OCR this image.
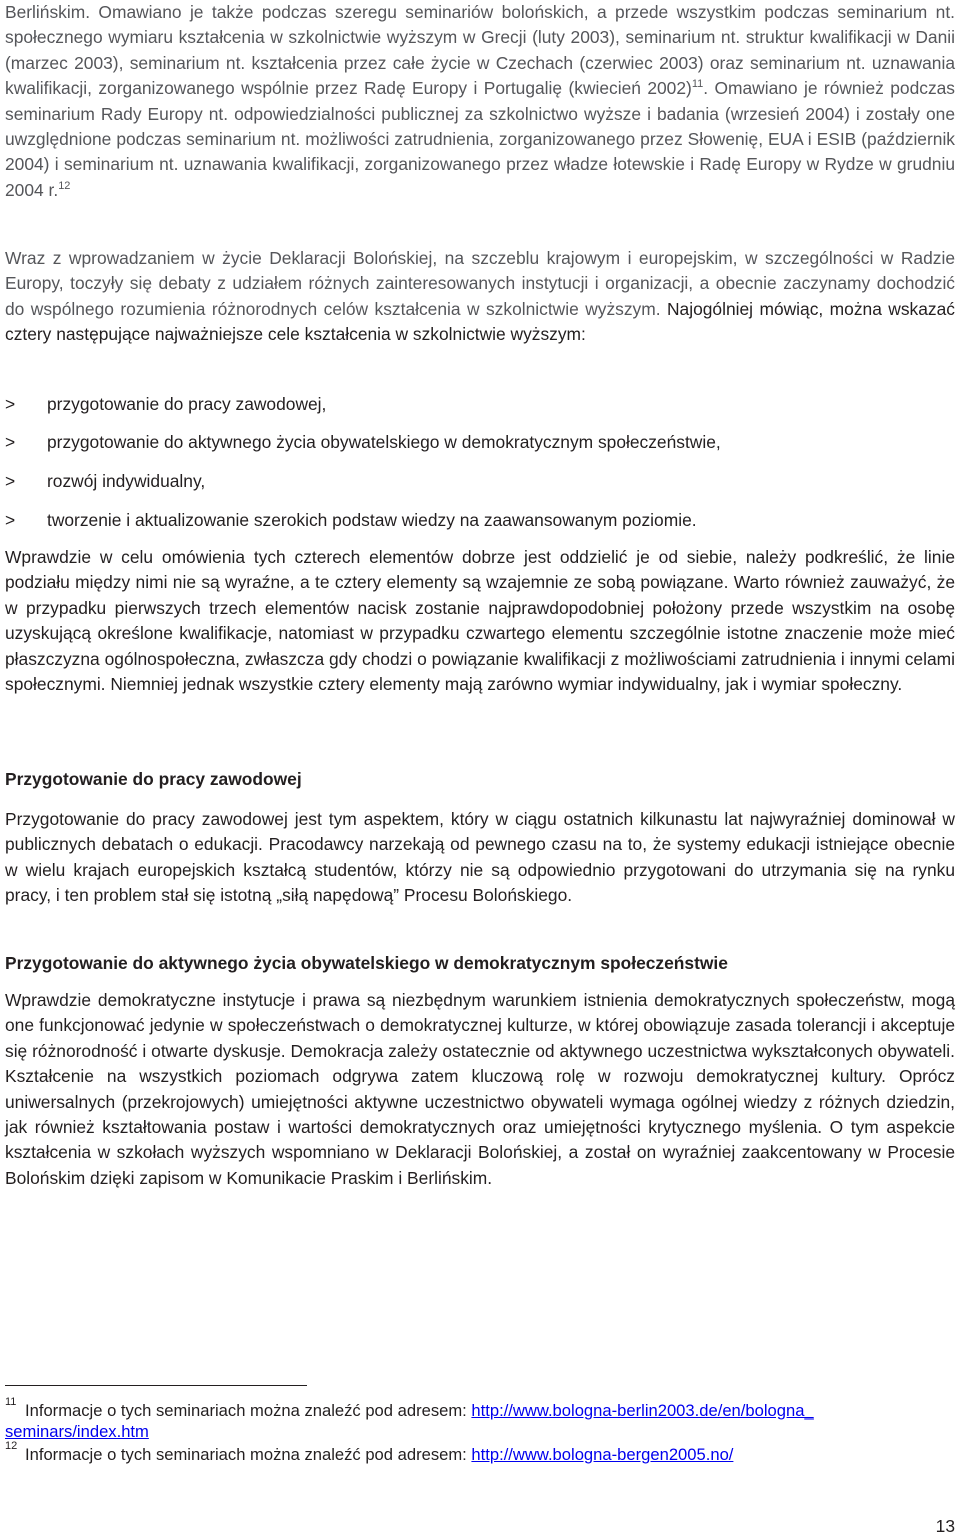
Berlińskim. Omawiano je także podczas szeregu seminariów bolońskich, a przede wszystkim podczas seminarium nt. społecznego wymiaru kształcenia w szkolnictwie wyższym w Grecji (luty 2003), seminarium nt. struktur kwalifikacji w Danii (marzec 2003), seminarium nt. kształcenia przez całe życie w Czechach (czerwiec 2003) oraz seminarium nt. uznawania kwalifikacji, zorganizowanego wspólnie przez Radę Europy i Portugalię (kwiecień 2002)$^{11}$. Omawiano je również podczas seminarium Rady Europy nt. odpowiedzialności publicznej za szkolnictwo wyższe i badania (wrzesień 2004) i zostały one uwzględnione podczas seminarium nt. możliwości zatrudnienia, zorganizowanego przez Słowenię, EUA i ESIB (październik 2004) i seminarium nt. uznawania kwalifikacji, zorganizowanego przez władze łotewskie i Radę Europy w Rydze w grudniu 2004 r.$^{12}$
Wraz z wprowadzaniem w życie Deklaracji Bolońskiej, na szczeblu krajowym i europejskim, w szczególności w Radzie Europy, toczyły się debaty z udziałem różnych zainteresowanych instytucji i organizacji, a obecnie zaczynamy dochodzić do wspólnego rozumienia różnorodnych celów kształcenia w szkolnictwie wyższym. Najogólniej mówiąc, można wskazać cztery następujące najważniejsze cele kształcenia w szkolnictwie wyższym:
> przygotowanie do pracy zawodowej,
> przygotowanie do aktywnego życia obywatelskiego w demokratycznym społeczeństwie,
> rozwój indywidualny,
> tworzenie i aktualizowanie szerokich podstaw wiedzy na zaawansowanym poziomie.
Wprawdzie w celu omówienia tych czterech elementów dobrze jest oddzielić je od siebie, należy podkreślić, że linie podziału między nimi nie są wyraźne, a te cztery elementy są wzajemnie ze sobą powiązane. Warto również zauważyć, że w przypadku pierwszych trzech elementów nacisk zostanie najprawdopodobniej położony przede wszystkim na osobę uzyskującą określone kwalifikacje, natomiast w przypadku czwartego elementu szczególnie istotne znaczenie może mieć płaszczyzna ogólnospołeczna, zwłaszcza gdy chodzi o powiązanie kwalifikacji z możliwościami zatrudnienia i innymi celami społecznymi. Niemniej jednak wszystkie cztery elementy mają zarówno wymiar indywidualny, jak i wymiar społeczny.
Przygotowanie do pracy zawodowej
Przygotowanie do pracy zawodowej jest tym aspektem, który w ciągu ostatnich kilkunastu lat najwyraźniej dominował w publicznych debatach o edukacji. Pracodawcy narzekają od pewnego czasu na to, że systemy edukacji istniejące obecnie w wielu krajach europejskich kształcą studentów, którzy nie są odpowiednio przygotowani do utrzymania się na rynku pracy, i ten problem stał się istotną „siłą napędową” Procesu Bolońskiego.
Przygotowanie do aktywnego życia obywatelskiego w demokratycznym społeczeństwie
Wprawdzie demokratyczne instytucje i prawa są niezbędnym warunkiem istnienia demokratycznych społeczeństw, mogą one funkcjonować jedynie w społeczeństwach o demokratycznej kulturze, w której obowiązuje zasada tolerancji i akceptuje się różnorodność i otwarte dyskusje. Demokracja zależy ostatecznie od aktywnego uczestnictwa wykształconych obywateli. Kształcenie na wszystkich poziomach odgrywa zatem kluczową rolę w rozwoju demokratycznej kultury. Oprócz uniwersalnych (przekrojowych) umiejętności aktywne uczestnictwo obywateli wymaga ogólnej wiedzy z różnych dziedzin, jak również kształtowania postaw i wartości demokratycznych oraz umiejętności krytycznego myślenia. O tym aspekcie kształcenia w szkołach wyższych wspomniano w Deklaracji Bolońskiej, a został on wyraźniej zaakcentowany w Procesie Bolońskim dzięki zapisom w Komunikacie Praskim i Berlińskim.
11 Informacje o tych seminariach można znaleźć pod adresem: http://www.bologna-berlin2003.de/en/bologna_
seminars/index.htm
12 Informacje o tych seminariach można znaleźć pod adresem: http://www.bologna-bergen2005.no/
13
